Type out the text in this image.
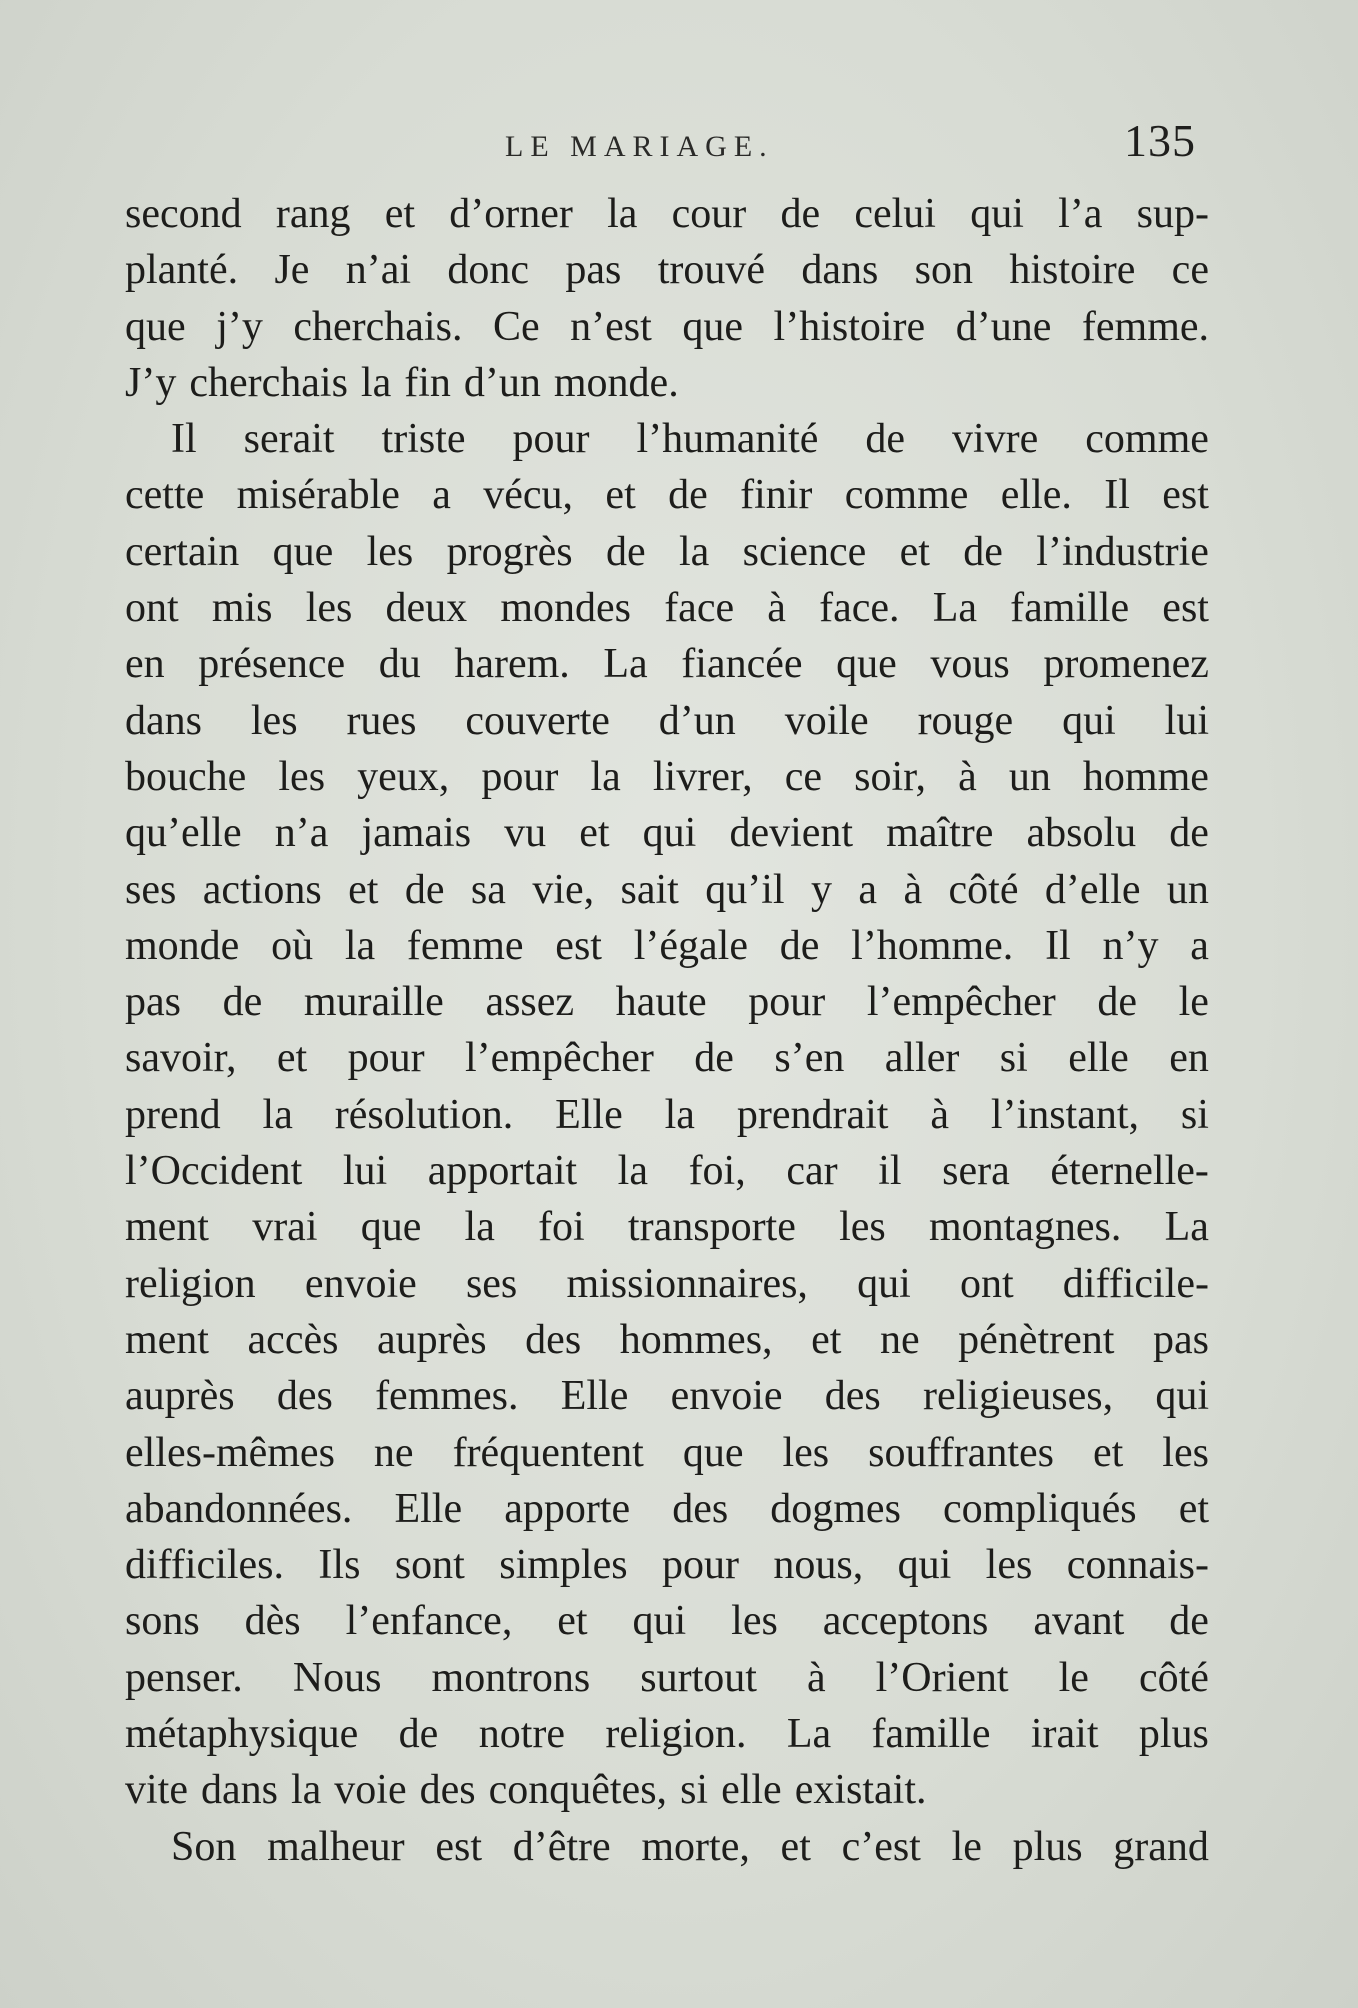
LE MARIAGE.	135

second rang et d’orner la cour de celui qui l’a sup-

planté. Je n’ai donc pas trouvé dans son histoire ce

que j’y cherchais. Ce n’est que l’histoire d’une femme.

J’y cherchais la fin d’un monde.

Il serait triste pour l’humanité de vivre comme

cette misérable a vécu, et de finir comme elle. Il est

certain que les progrès de la science et de l’industrie

ont mis les deux mondes face à face. La famille est

en présence du harem. La fiancée que vous promenez

dans les rues couverte d’un voile rouge qui lui

bouche les yeux, pour la livrer, ce soir, à un homme

qu’elle n’a jamais vu et qui devient maître absolu de

ses actions et de sa vie, sait qu’il y a à côté d’elle un

monde où la femme est l’égale de l’homme. Il n’y a

pas de muraille assez haute pour l’empêcher de le

savoir, et pour l’empêcher de s’en aller si elle en

prend la résolution. Elle la prendrait à l’instant, si

l’Occident lui apportait la foi, car il sera éternelle-

ment vrai que la foi transporte les montagnes. La

religion envoie ses missionnaires, qui ont difficile-

ment accès auprès des hommes, et ne pénètrent pas

auprès des femmes. Elle envoie des religieuses, qui

elles-mêmes ne fréquentent que les souffrantes et les

abandonnées. Elle apporte des dogmes compliqués et

difficiles. Ils sont simples pour nous, qui les connais-

sons dès l’enfance, et qui les acceptons avant de

penser. Nous montrons surtout à l’Orient le côté

métaphysique de notre religion. La famille irait plus

vite dans la voie des conquêtes, si elle existait.

Son malheur est d’être morte, et c’est le plus grand
